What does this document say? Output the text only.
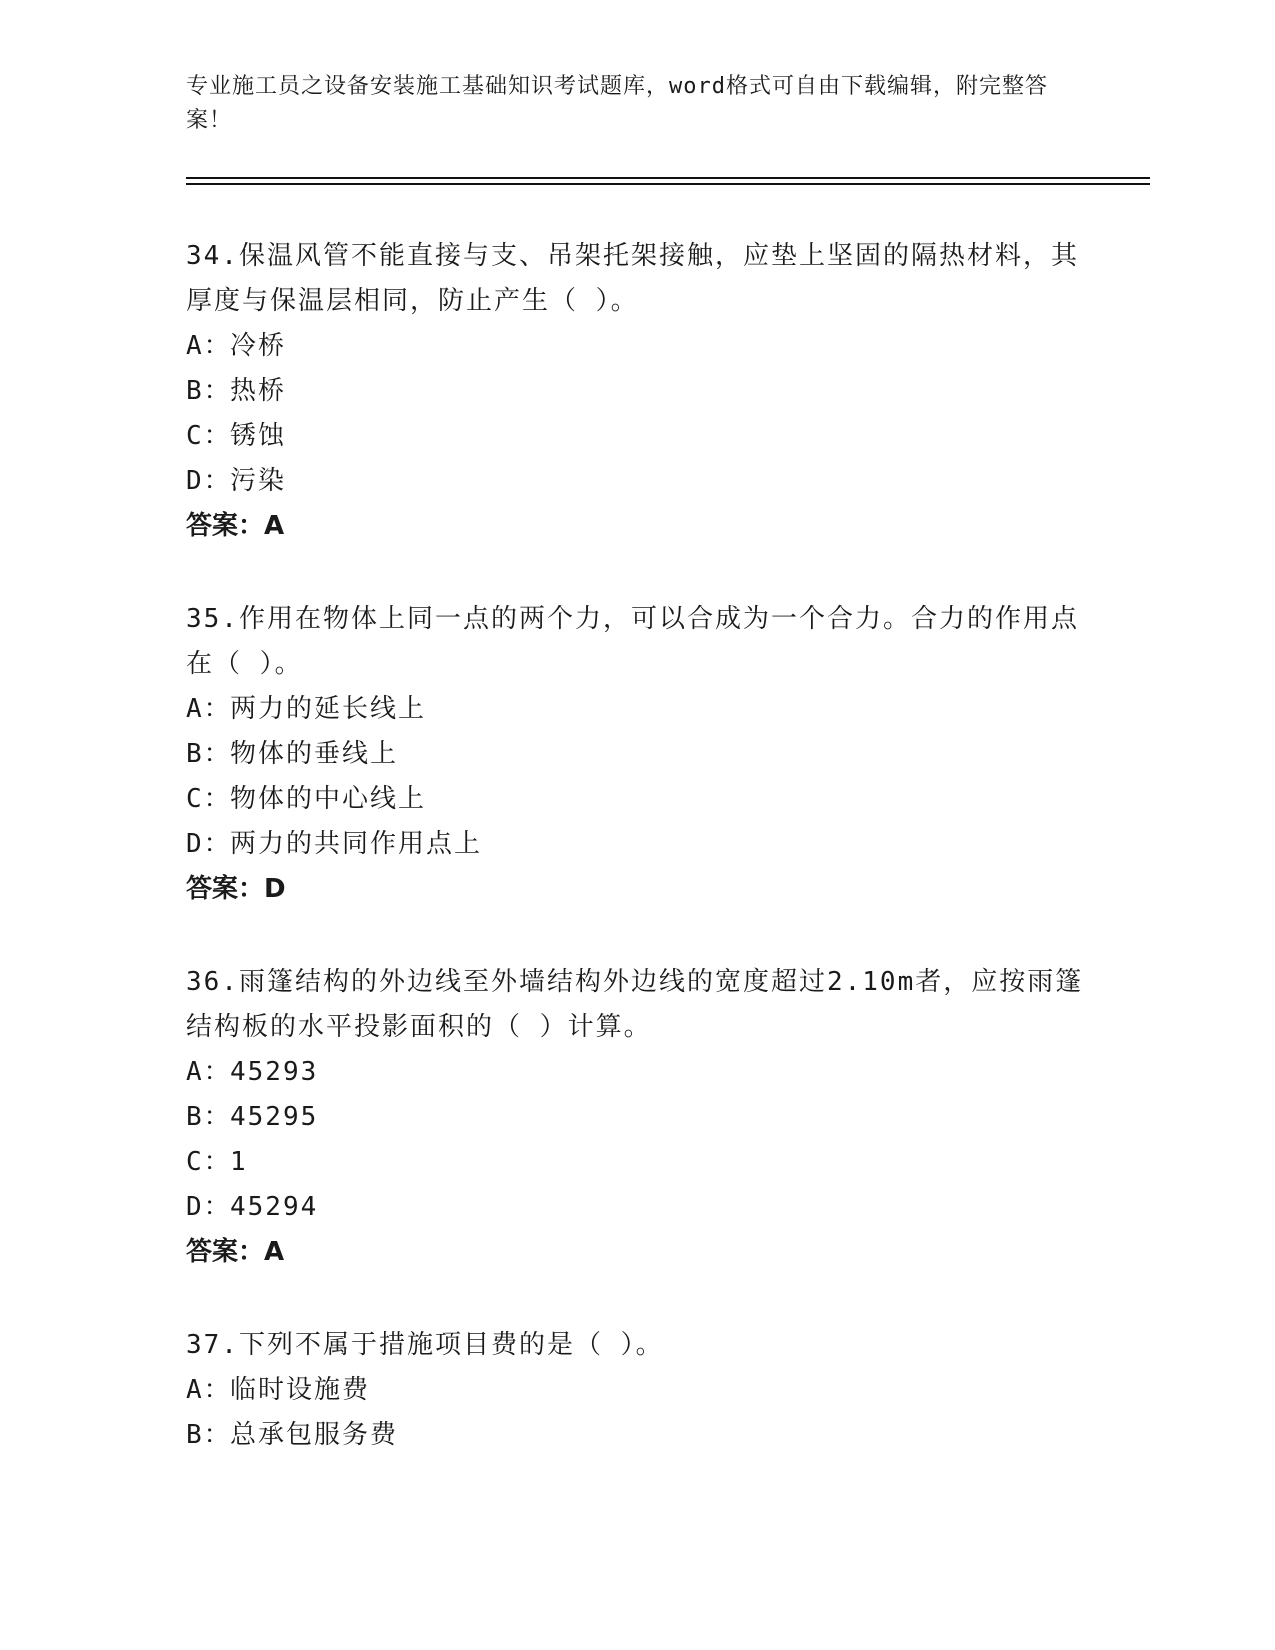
专业施工员之设备安装施工基础知识考试题库，word格式可自由下载编辑，附完整答案！

34.保温风管不能直接与支、吊架托架接触，应垫上坚固的隔热材料，其厚度与保温层相同，防止产生（ ）。

A：
冷桥
B：
热桥
C：
锈蚀
D：
污染

答案：A

35.作用在物体上同一点的两个力，可以合成为一个合力。合力的作用点在（ ）。

A：
两力的延长线上
B：
物体的垂线上
C：
物体的中心线上
D：
两力的共同作用点上

答案：D

36.雨篷结构的外边线至外墙结构外边线的宽度超过2.10m者，应按雨篷结构板的水平投影面积的（ ）计算。

A：
45293
B：
45295
C：
1
D：
45294

答案：A

37.下列不属于措施项目费的是（ ）。

A：
临时设施费
B：
总承包服务费
